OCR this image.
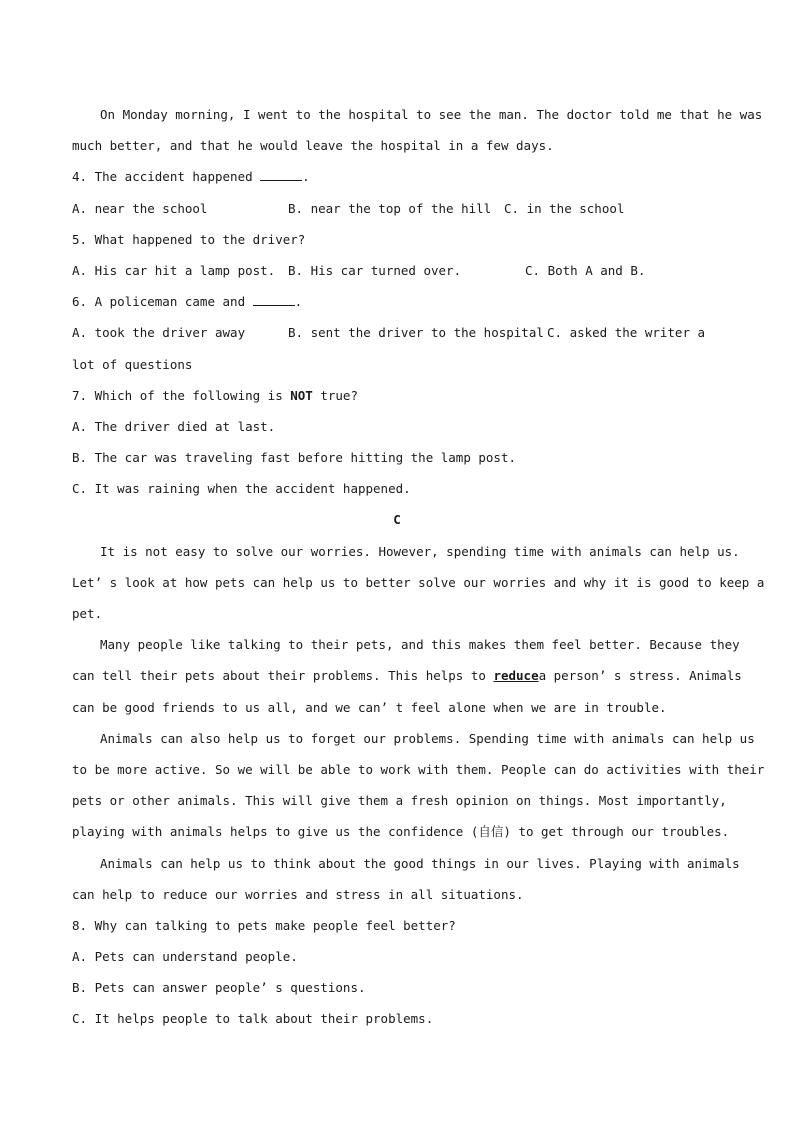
On Monday morning, I went to the hospital to see the man. The doctor told me that he was
much better, and that he would leave the hospital in a few days.
4. The accident happened	.
A. near the school	B. near the top of the hill C. in the school
5. What happened to the driver?
A. His car hit a lamp post. B. His car turned over.	C. Both A and B.
6. A policeman came and	.
A. took the driver away	B. sent the driver to the hospital C. asked the writer a
lot of questions
7. Which of the following is NOT true?
A. The driver died at last.
B. The car was traveling fast before hitting the lamp post.
C. It was raining when the accident happened.
C
It is not easy to solve our worries. However, spending time with animals can help us.
Let’ s look at how pets can help us to better solve our worries and why it is good to keep a
pet.
Many people like talking to their pets, and this makes them feel better. Because they
can tell their pets about their problems. This helps to reducea person’ s stress. Animals
can be good friends to us all, and we can’ t feel alone when we are in trouble.
Animals can also help us to forget our problems. Spending time with animals can help us
to be more active. So we will be able to work with them. People can do activities with their
pets or other animals. This will give them a fresh opinion on things. Most importantly,
playing with animals helps to give us the confidence (自信) to get through our troubles.
Animals can help us to think about the good things in our lives. Playing with animals
can help to reduce our worries and stress in all situations.
8. Why can talking to pets make people feel better?
A. Pets can understand people.
B. Pets can answer people’ s questions.
C. It helps people to talk about their problems.
